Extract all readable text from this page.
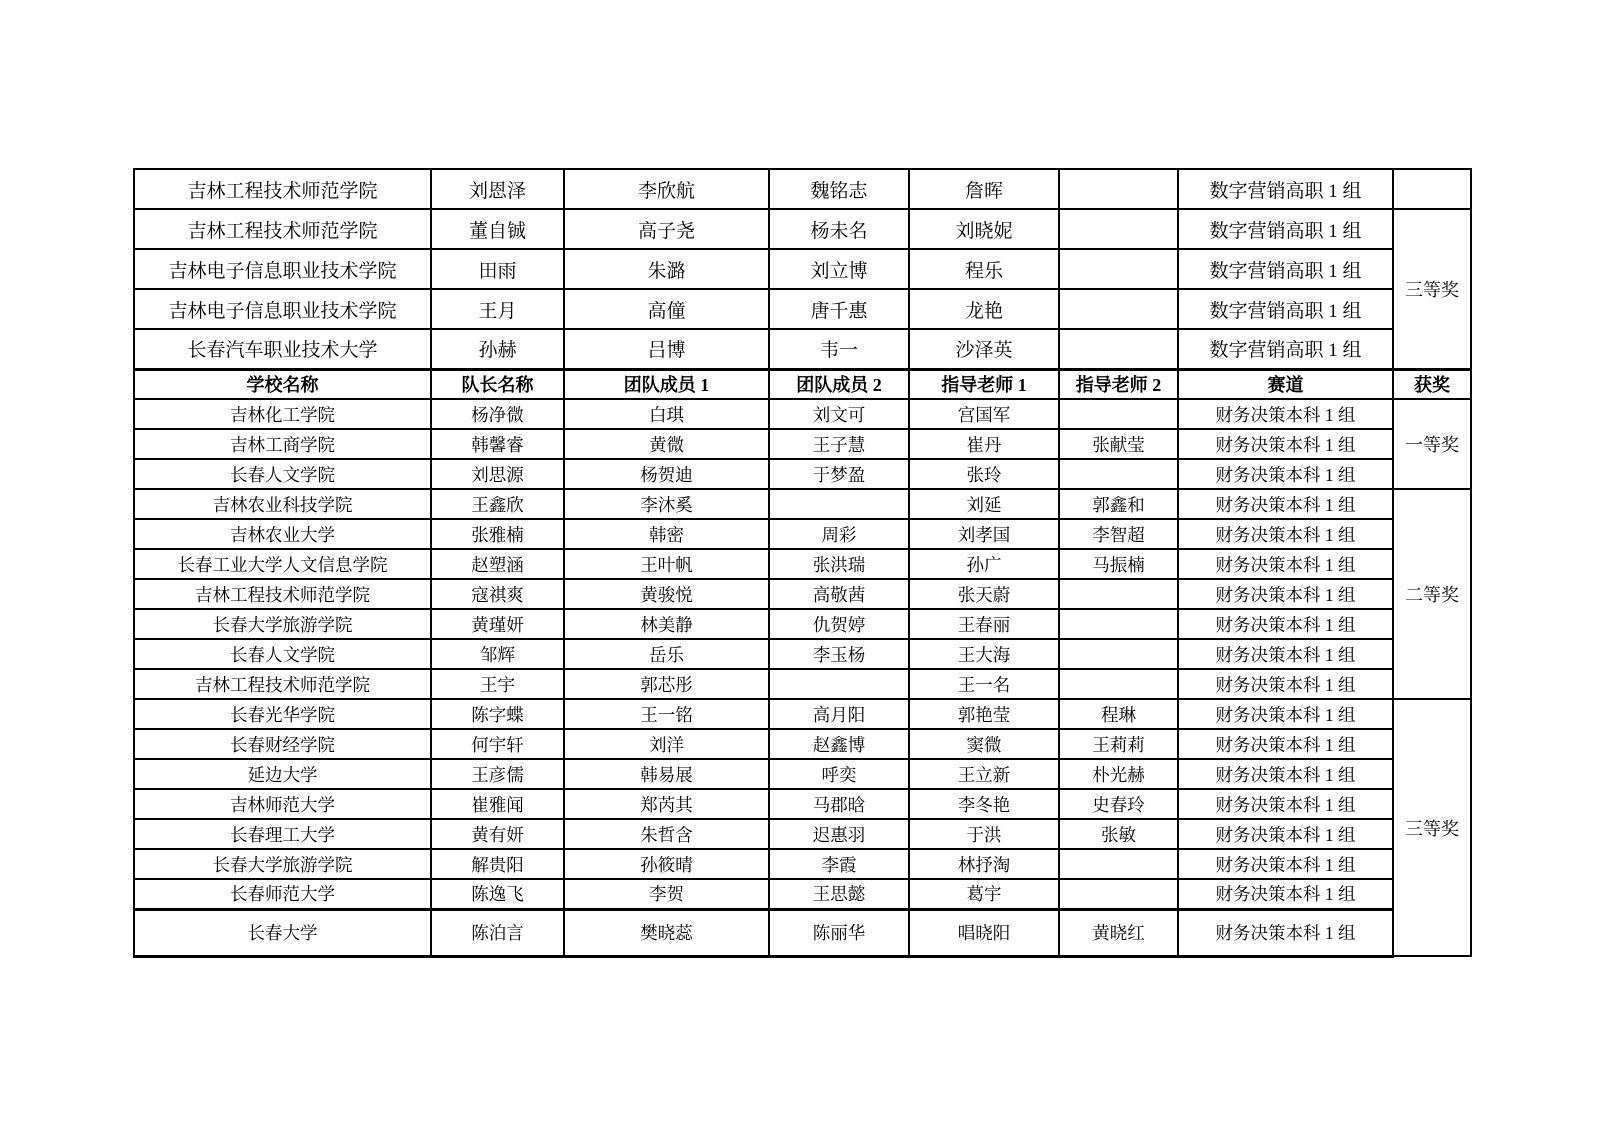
吉林工程技术师范学院	刘恩泽	李欣航	魏铭志	詹晖		数字营销高职 1 组	
吉林工程技术师范学院	董自铖	高子尧	杨未名	刘晓妮		数字营销高职 1 组	三等奖
吉林电子信息职业技术学院	田雨	朱潞	刘立博	程乐		数字营销高职 1 组	
吉林电子信息职业技术学院	王月	高僮	唐千惠	龙艳		数字营销高职 1 组	
长春汽车职业技术大学	孙赫	吕博	韦一	沙泽英		数字营销高职 1 组	
学校名称	队长名称	团队成员 1	团队成员 2	指导老师 1	指导老师 2	赛道	获奖
吉林化工学院	杨净微	白琪	刘文可	宫国军		财务决策本科 1 组	一等奖
吉林工商学院	韩馨睿	黄微	王子慧	崔丹	张献莹	财务决策本科 1 组	
长春人文学院	刘思源	杨贺迪	于梦盈	张玲		财务决策本科 1 组	
吉林农业科技学院	王鑫欣	李沐奚		刘延	郭鑫和	财务决策本科 1 组	二等奖
吉林农业大学	张雅楠	韩密	周彩	刘孝国	李智超	财务决策本科 1 组	
长春工业大学人文信息学院	赵塑涵	王叶帆	张洪瑞	孙广	马振楠	财务决策本科 1 组	
吉林工程技术师范学院	寇祺爽	黄骏悦	高敬茜	张天蔚		财务决策本科 1 组	
长春大学旅游学院	黄瑾妍	林美静	仇贺婷	王春丽		财务决策本科 1 组	
长春人文学院	邹辉	岳乐	李玉杨	王大海		财务决策本科 1 组	
吉林工程技术师范学院	王宇	郭芯彤		王一名		财务决策本科 1 组	
长春光华学院	陈字蝶	王一铭	高月阳	郭艳莹	程琳	财务决策本科 1 组	三等奖
长春财经学院	何宇轩	刘洋	赵鑫博	窦微	王莉莉	财务决策本科 1 组	
延边大学	王彦儒	韩易展	呼奕	王立新	朴光赫	财务决策本科 1 组	
吉林师范大学	崔雅闻	郑芮其	马郡晗	李冬艳	史春玲	财务决策本科 1 组	
长春理工大学	黄有妍	朱哲含	迟惠羽	于洪	张敏	财务决策本科 1 组	
长春大学旅游学院	解贵阳	孙筱晴	李霞	林抒淘		财务决策本科 1 组	
长春师范大学	陈逸飞	李贺	王思懿	葛宇		财务决策本科 1 组	
长春大学	陈泊言	樊晓蕊	陈丽华	唱晓阳	黄晓红	财务决策本科 1 组	
